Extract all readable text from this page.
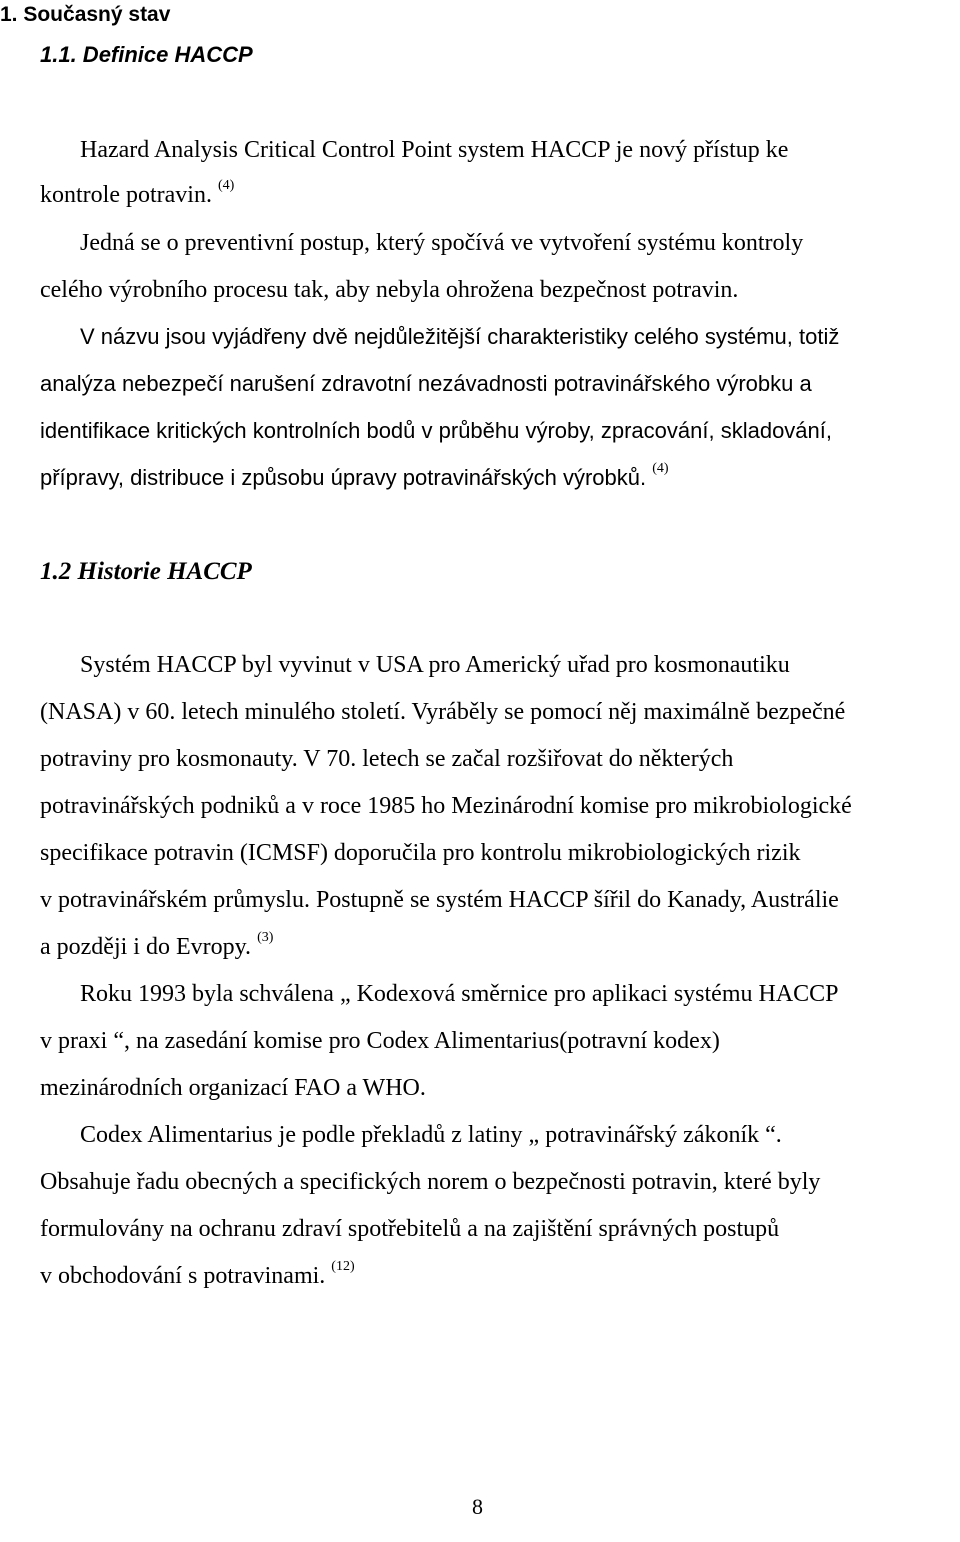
1. Současný stav
1.1. Definice HACCP
Hazard Analysis Critical Control Point system HACCP je nový přístup ke
kontrole potravin. $^{(4)}$
Jedná se o preventivní postup, který spočívá ve vytvoření systému kontroly
celého výrobního procesu tak, aby nebyla ohrožena bezpečnost potravin.
V názvu jsou vyjádřeny dvě nejdůležitější charakteristiky celého systému, totiž
analýza nebezpečí narušení zdravotní nezávadnosti potravinářského výrobku a
identifikace kritických kontrolních bodů v průběhu výroby, zpracování, skladování,
přípravy, distribuce i způsobu úpravy potravinářských výrobků. $^{(4)}$
1.2 Historie HACCP
Systém HACCP byl vyvinut v USA pro Americký uřad pro kosmonautiku
(NASA) v 60. letech minulého století. Vyráběly se pomocí něj maximálně bezpečné
potraviny pro kosmonauty. V 70. letech se začal rozšiřovat do některých
potravinářských podniků a v roce 1985 ho Mezinárodní komise pro mikrobiologické
specifikace potravin (ICMSF) doporučila pro kontrolu mikrobiologických rizik
v potravinářském průmyslu. Postupně se systém HACCP šířil do Kanady, Austrálie
a později i do Evropy. $^{(3)}$
Roku 1993 byla schválena „ Kodexová směrnice pro aplikaci systému HACCP
v praxi “, na zasedání komise pro Codex Alimentarius(potravní kodex)
mezinárodních organizací FAO a WHO.
Codex Alimentarius je podle překladů z latiny „ potravinářský zákoník “.
Obsahuje řadu obecných a specifických norem o bezpečnosti potravin, které byly
formulovány na ochranu zdraví spotřebitelů a na zajištění správných postupů
v obchodování s potravinami. $^{(12)}$
8
